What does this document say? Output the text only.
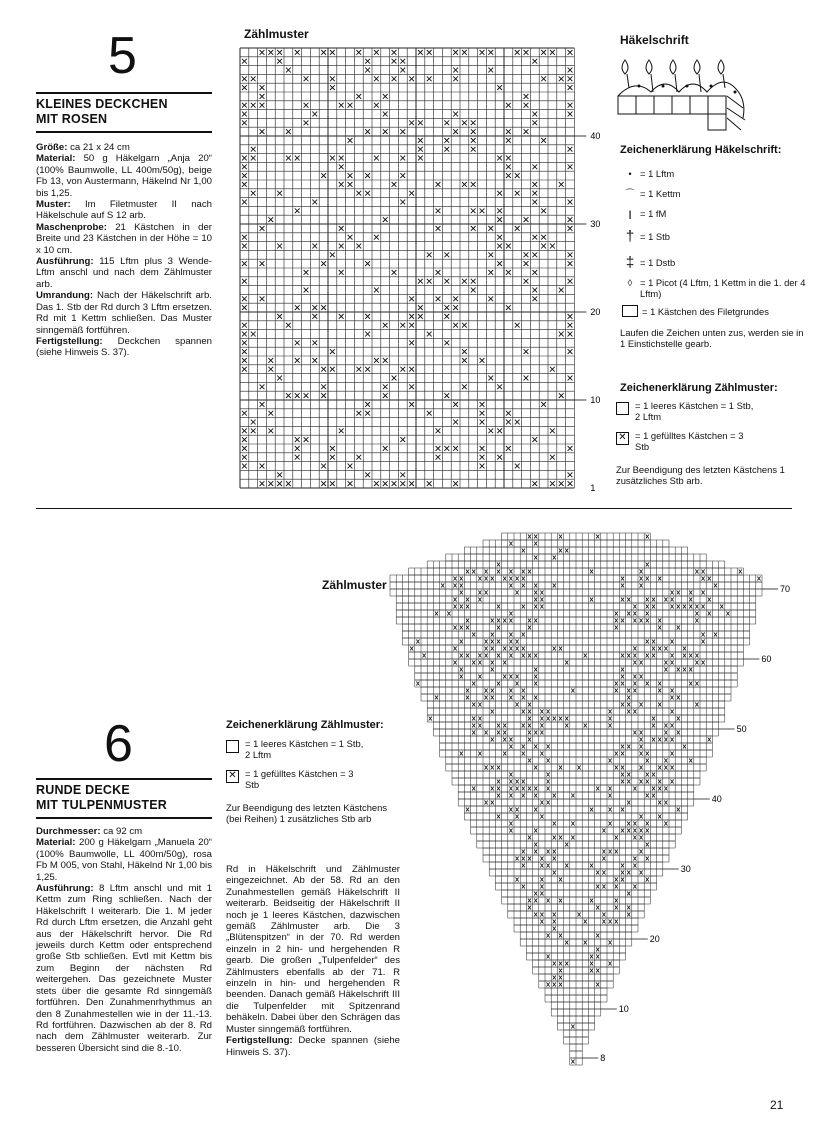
5
KLEINES DECKCHEN
MIT ROSEN
Größe: ca 21 x 24 cm
Material: 50 g Häkelgarn „Anja 20“ (100% Baumwolle, LL 400m/50g), beige Fb 13, von Austermann, Häkelnd Nr 1,00 bis 1,25.
Muster: Im Filetmuster II nach Häkelschule auf S 12 arb.
Maschenprobe: 21 Kästchen in der Breite und 23 Kästchen in der Höhe = 10 x 10 cm.
Ausführung: 115 Lftm plus 3 Wende-Lftm anschl und nach dem Zählmuster arb.
Umrandung: Nach der Häkelschrift arb. Das 1. Stb der Rd durch 3 Lftm ersetzen. Rd mit 1 Kettm schließen. Das Muster sinngemäß fortführen.
Fertigstellung: Deckchen spannen (siehe Hinweis S. 37).
Zählmuster
40
30
20
10
1
Häkelschrift
Zeichenerklärung Häkelschrift:
• = 1 Lftm
⌒ = 1 Kettm
| = 1 fM
† = 1 Stb
‡ = 1 Dstb
◊ = 1 Picot (4 Lftm, 1 Kettm in die 1. der 4 Lftm)
= 1 Kästchen des Filetgrundes
Laufen die Zeichen unten zus, werden sie in 1 Einstichstelle gearb.
Zeichenerklärung Zählmuster:
= 1 leeres Kästchen = 1 Stb, 2 Lftm
✕ = 1 gefülltes Kästchen = 3 Stb
Zur Beendigung des letzten Kästchens 1 zusätzliches Stb arb.
Zählmuster	70
60
50
40
30
20
10
8
6
RUNDE DECKE
MIT TULPENMUSTER
Durchmesser: ca 92 cm
Material: 200 g Häkelgarn „Manuela 20“ (100% Baumwolle, LL 400m/50g), rosa Fb M 005, von Stahl, Häkelnd Nr 1,00 bis 1,25.
Ausführung: 8 Lftm anschl und mit 1 Kettm zum Ring schließen. Nach der Häkelschrift I weiterarb. Die 1. M jeder Rd durch Lftm ersetzen, die Anzahl geht aus der Häkelschrift hervor. Die Rd jeweils durch Kettm oder entsprechend große Stb schließen. Evtl mit Kettm bis zum Beginn der nächsten Rd weitergehen. Das gezeichnete Muster stets über die gesamte Rd sinngemäß fortführen. Den Zunahmenrhythmus an den 8 Zunahmestellen wie in der 11.-13. Rd fortführen. Dazwischen ab der 8. Rd nach dem Zählmuster weiterarb. Zur besseren Übersicht sind die 8.-10.
Zeichenerklärung Zählmuster:
= 1 leeres Kästchen = 1 Stb, 2 Lftm
✕ = 1 gefülltes Kästchen = 3 Stb
Zur Beendigung des letzten Kästchens (bei Reihen) 1 zusätzliches Stb arb
Rd in Häkelschrift und Zählmuster eingezeichnet. Ab der 58. Rd an den Zunahmestellen gemäß Häkelschrift II weiterarb. Beidseitig der Häkelschrift II noch je 1 leeres Kästchen, dazwischen gemäß Zählmuster arb. Die 3 „Blütenspitzen“ in der 70. Rd werden einzeln in 2 hin- und hergehenden R gearb. Die großen „Tulpenfelder“ des Zählmusters ebenfalls ab der 71. R einzeln in hin- und hergehenden R beenden. Danach gemäß Häkelschrift III die Tulpenfelder mit Spitzenrand behäkeln. Dabei über den Schrägen das Muster sinngemäß fortführen.
Fertigstellung: Decke spannen (siehe Hinweis S. 37).
21
